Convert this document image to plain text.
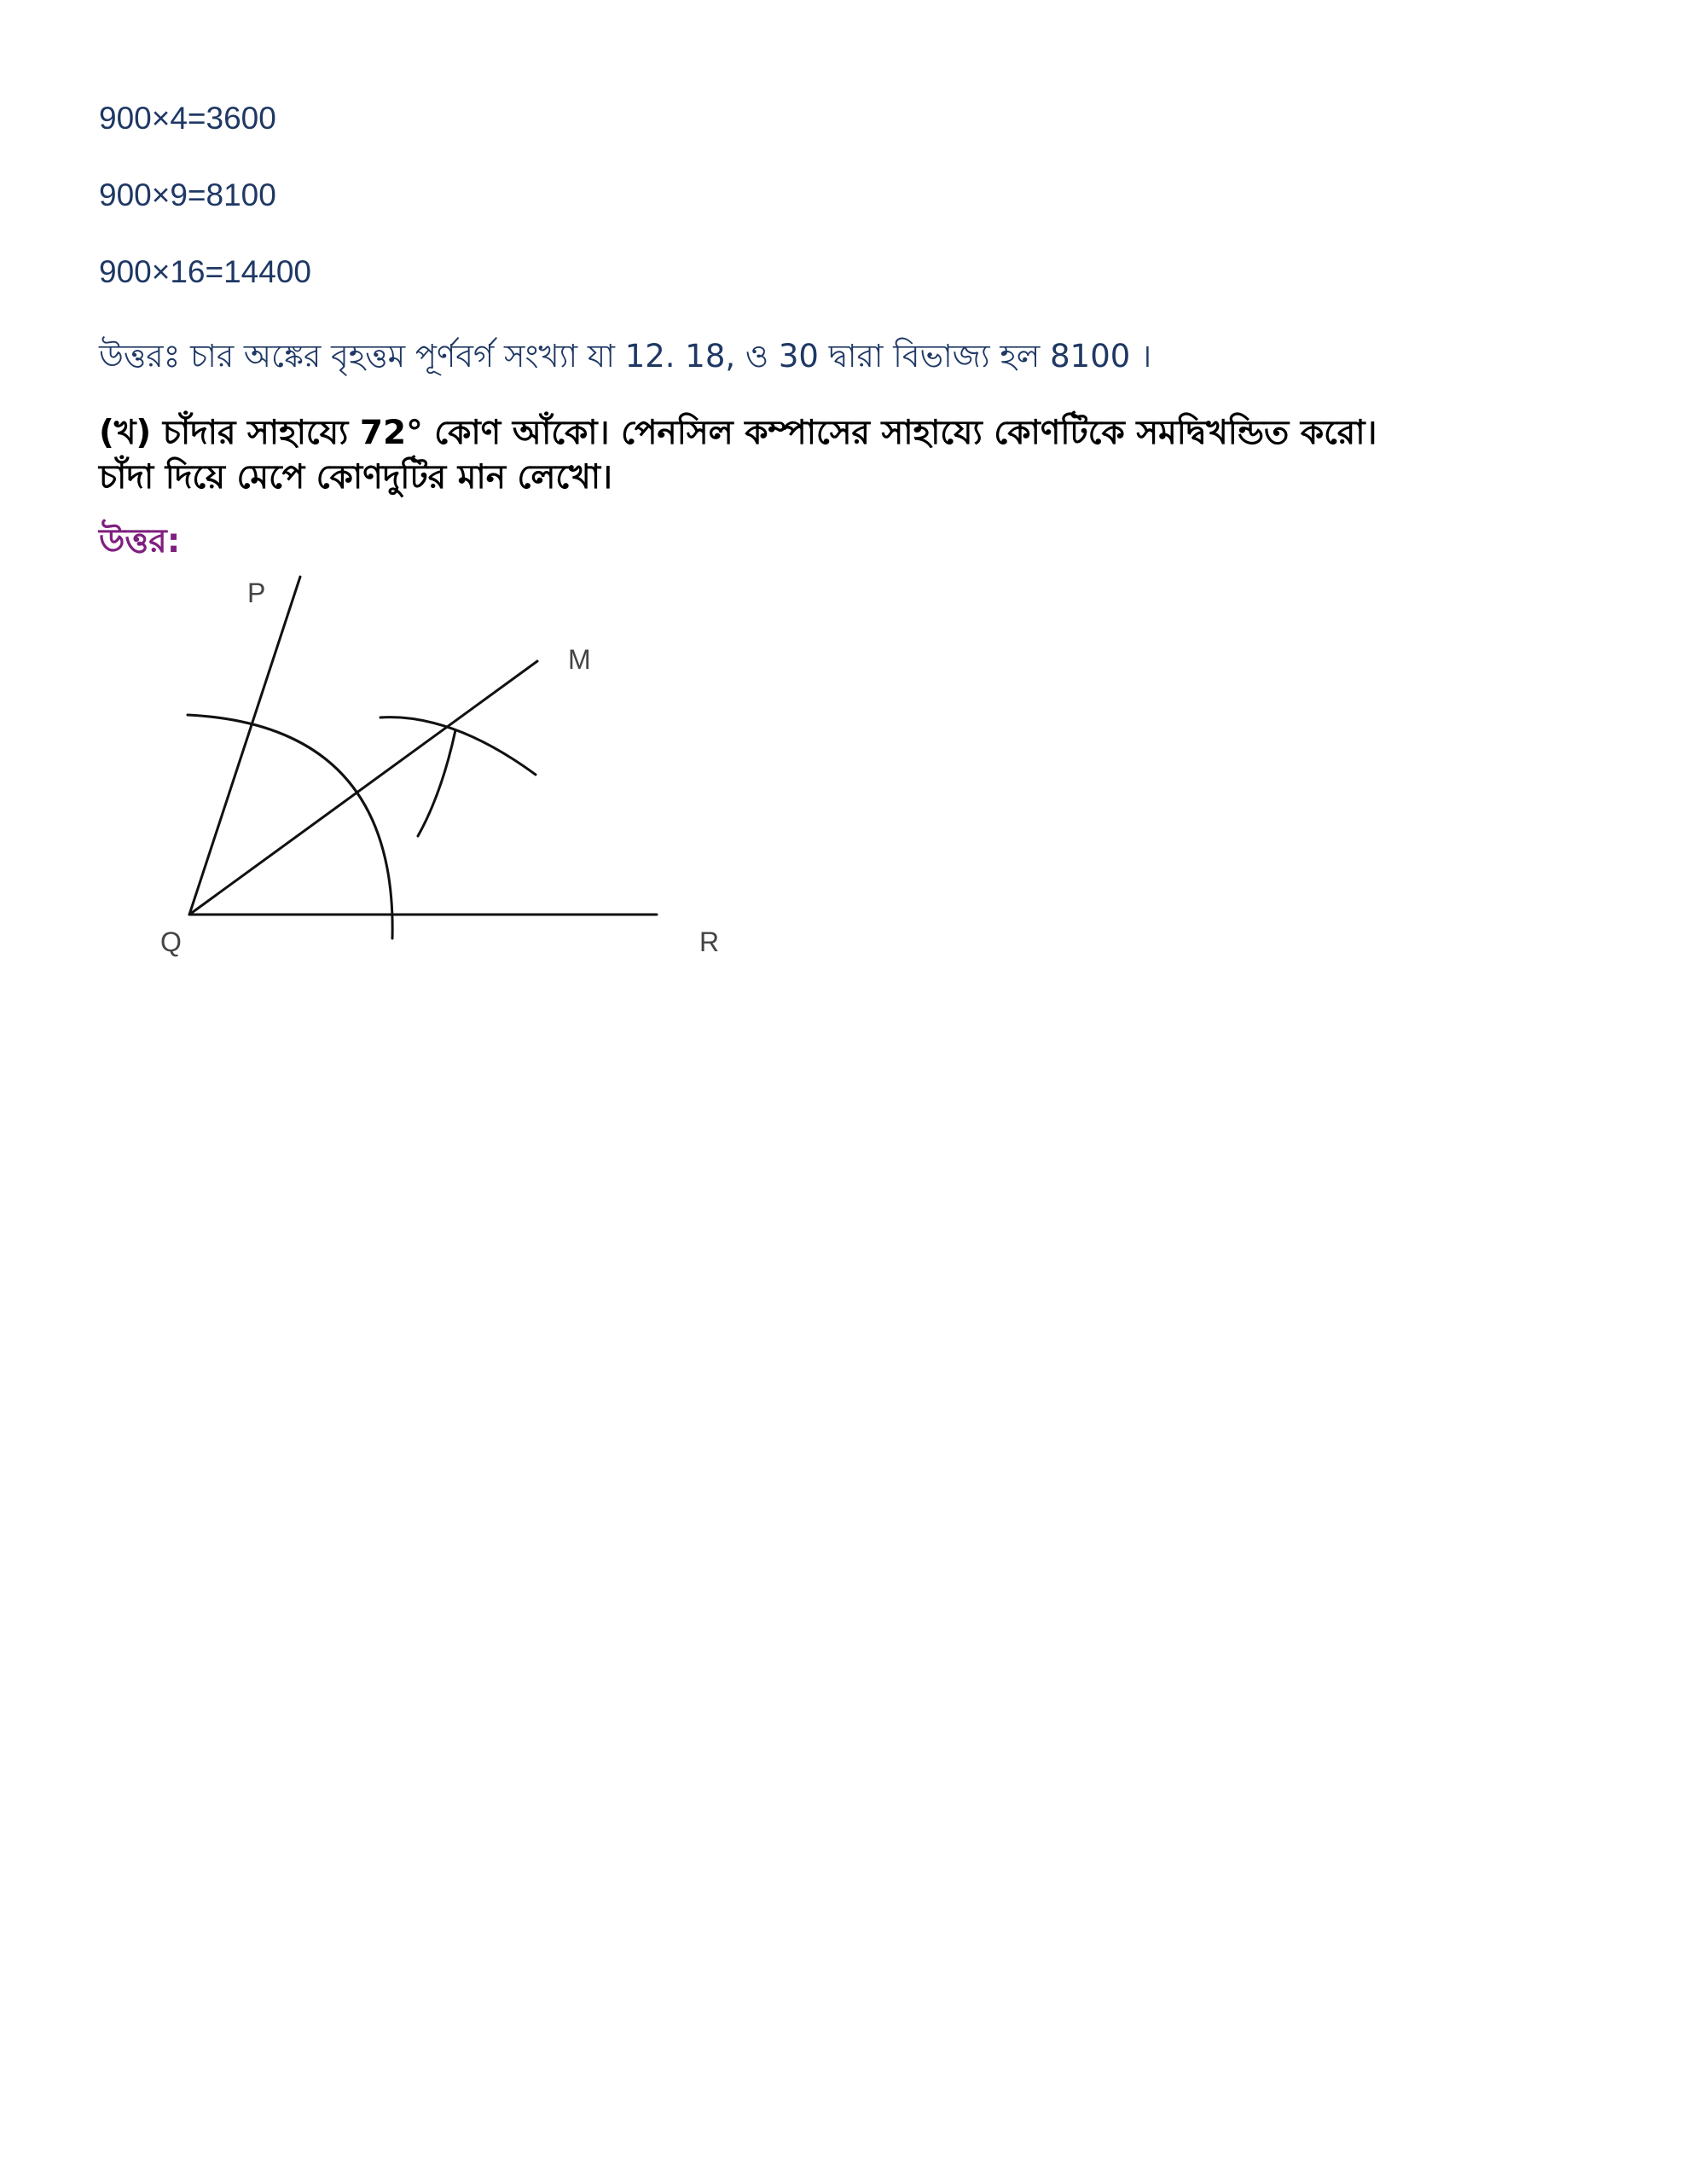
900×4=3600

900×9=8100

900×16=14400

উত্তরঃ চার অঙ্কের বৃহত্তম পূর্ণবর্গ সংখ্যা যা 12. 18, ও 30 দ্বারা বিভাজ্য হল 8100 ।

(খ) চাঁদার সাহায্যে 72° কোণ আঁকো। পেনসিল কম্পাসের সাহায্যে কোণটিকে সমদ্বিখন্ডিত করো।
চাঁদা দিয়ে মেপে কোণদুটির মান লেখো।

উত্তর:

P
M
Q	R
